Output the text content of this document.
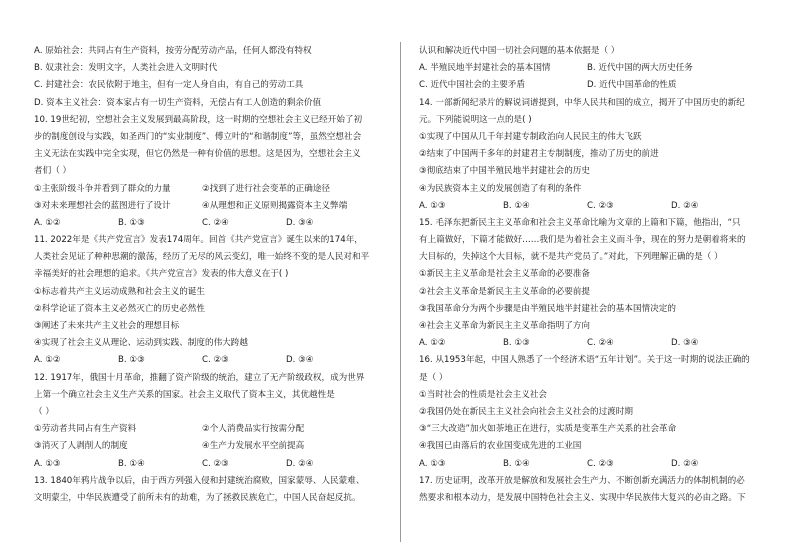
A. 原始社会：共同占有生产资料，按劳分配劳动产品，任何人都没有特权
B. 奴隶社会：发明文字，人类社会进入文明时代
C. 封建社会：农民依附于地主，但有一定人身自由，有自己的劳动工具
D. 资本主义社会：资本家占有一切生产资料，无偿占有工人创造的剩余价值
10. 19世纪初，空想社会主义发展到最高阶段，这一时期的空想社会主义已经开始了初
步的制度创设与实践，如圣西门的“实业制度”、傅立叶的“和谐制度”等，虽然空想社会
主义无法在实践中完全实现，但它仍然是一种有价值的思想。这是因为，空想社会主义
者们（ ）
①主张阶级斗争并看到了群众的力量	②找到了进行社会变革的正确途径
③对未来理想社会的蓝图进行了设计	④从理想和正义原则揭露资本主义弊端
A. ①②	B. ①③	C. ②④	D. ③④
11. 2022年是《共产党宣言》发表174周年。回首《共产党宣言》诞生以来的174年，
人类社会见证了种种思潮的激荡，经历了无尽的风云变幻，唯一始终不变的是人民对和平
幸福美好的社会理想的追求。《共产党宣言》发表的伟大意义在于( )
①标志着共产主义运动成熟和社会主义的诞生
②科学论证了资本主义必然灭亡的历史必然性
③阐述了未来共产主义社会的理想目标
④实现了社会主义从理论、运动到实践、制度的伟大跨越
A. ①②	B. ①③	C. ②③	D. ③④
12. 1917年，俄国十月革命，推翻了资产阶级的统治，建立了无产阶级政权，成为世界
上第一个确立社会主义生产关系的国家。社会主义取代了资本主义，其优越性是
（ ）
①劳动者共同占有生产资料	②个人消费品实行按需分配
③消灭了人剥削人的制度	④生产力发展水平空前提高
A. ①③	B. ①④	C. ②③	D. ②④
13. 1840年鸦片战争以后，由于西方列强入侵和封建统治腐败，国家蒙辱、人民蒙难、
文明蒙尘，中华民族遭受了前所未有的劫难，为了拯救民族危亡，中国人民奋起反抗。
认识和解决近代中国一切社会问题的基本依据是（ ）
A. 半殖民地半封建社会的基本国情	B. 近代中国的两大历史任务
C. 近代中国社会的主要矛盾	D. 近代中国革命的性质
14. 一部新闻纪录片的解说词谱提到，中华人民共和国的成立，揭开了中国历史的新纪
元。下列能说明这一点的是( )
①实现了中国从几千年封建专制政治向人民民主的伟大飞跃
②结束了中国两千多年的封建君主专制制度，推动了历史的前进
③彻底结束了中国半殖民地半封建社会的历史
④为民族资本主义的发展创造了有利的条件
A. ①③	B. ①④	C. ②③	D. ②④
15. 毛泽东把新民主主义革命和社会主义革命比喻为文章的上篇和下篇，他指出，“只
有上篇做好，下篇才能做好……我们是为着社会主义而斗争，现在的努力是朝着将来的
大目标的，失掉这个大目标，就不是共产党员了。”对此，下列理解正确的是（ ）
①新民主主义革命是社会主义革命的必要准备
②社会主义革命是新民主主义革命的必要前提
③我国革命分为两个步骤是由半殖民地半封建社会的基本国情决定的
④社会主义革命为新民主主义革命指明了方向
A. ①②	B. ①③	C. ②④	D. ③④
16. 从1953年起，中国人熟悉了一个经济术语“五年计划”。关于这一时期的说法正确的
是（ ）
①当时社会的性质是社会主义社会
②我国仍处在新民主主义社会向社会主义社会的过渡时期
③“三大改造”加火如荼地正在进行，实质是变革生产关系的社会革命
④我国已由落后的农业国变成先进的工业国
A. ①③	B. ①④	C. ②③	D. ②④
17. 历史证明，改革开放是解放和发展社会生产力、不断创新充满活力的体制机制的必
然要求和根本动力，是发展中国特色社会主义、实现中华民族伟大复兴的必由之路。下
